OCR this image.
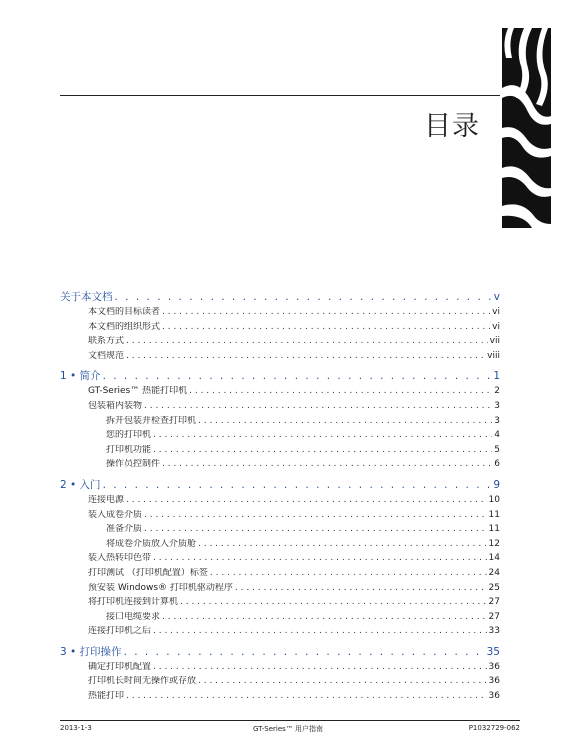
目录
关于本文档 . . .	v
本文档的目标读者 . . .	vi
本文档的组织形式 . . .	vi
联系方式 . . .	vii
文档规范 . . .	viii
1 • 简介 . . .	1
GT-Series™ 热能打印机 . . .	2
包装箱内装物 . . .	3
拆开包装并检查打印机 . . .	3
您的打印机 . . .	4
打印机功能 . . .	5
操作员控制件 . . .	6
2 • 入门 . . .	9
连接电源 . . .	10
装入成卷介质 . . .	11
准备介质 . . .	11
将成卷介质放入介质舱 . . .	12
装入热转印色带 . . .	14
打印测试 （打印机配置）标签 . . .	24
预安装 Windows® 打印机驱动程序 . . .	25
将打印机连接到计算机 . . .	27
接口电缆要求 . . .	27
连接打印机之后 . . .	33
3 • 打印操作 . . .	35
确定打印机配置 . . .	36
打印机长时间无操作或存放 . . .	36
热能打印 . . .	36
2013-1-3	GT-Series™ 用户指南	P1032729-062
